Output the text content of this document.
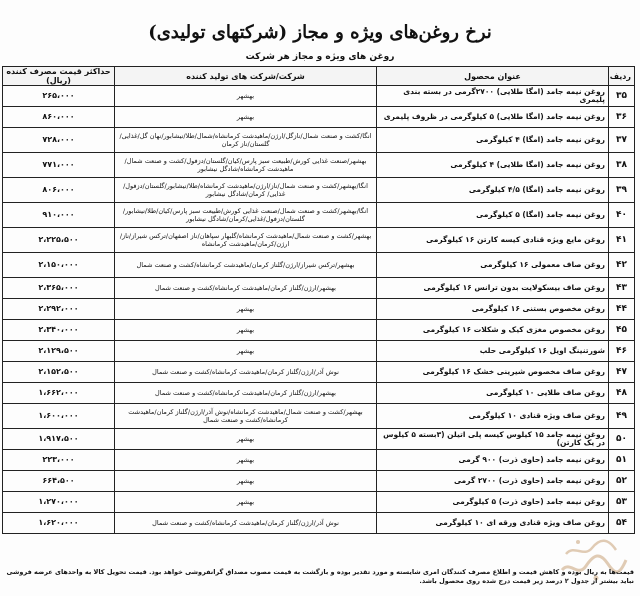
نرخ روغن‌های ویژه و مجاز (شرکتهای تولیدی)
روغن های ویژه و مجاز هر شرکت
ردیف	عنوان محصول	شرکت/شرکت های تولید کننده	حداکثر قیمت مصرف کننده (ریال)
۳۵	روغن نیمه جامد (امگا طلایی) ۲۷۰۰گرمی در بسته بندی پلیمری	بهشهر	۲۶۵،۰۰۰
۳۶	روغن نیمه جامد (امگا طلایی) ۵ کیلوگرمی در ظروف پلیمری	بهشهر	۸۶۰،۰۰۰
۳۷	روغن نیمه جامد (امگا) ۴ کیلوگرمی	انگا/کشت و صنعت شمال/نازگل/ارژن/ماهیدشت کرمانشاه/شمال/طلا/نیشابور/نهان گل/غذایی/ گلستان/ناز کرمان	۷۲۸،۰۰۰
۳۸	روغن نیمه جامد (امگا طلایی) ۴ کیلوگرمی	بهشهر/صنعت غذایی کورش/طبیعت سبز پارس/کیان/گلستان/دزفول/کشت و صنعت شمال/ماهیدشت کرمانشاه/شادگل نیشابور	۷۷۱،۰۰۰
۳۹	روغن نیمه جامد (امگا) ۴/۵ کیلوگرمی	انگا/بهشهر/کشت و صنعت شمال/ناز/ارژن/ماهیدشت کرمانشاه/طلا/نیشابور/گلستان/دزفول/غذایی/ کرمان/شادگل نیشابور	۸۰۶،۰۰۰
۴۰	روغن نیمه جامد (امگا) ۵ کیلوگرمی	انگا/بهشهر/کشت و صنعت شمال/صنعت غذایی کورش/طبیعت سبز پارس/کیان/طلا/نیشابور/گلستان/دزفول/غذایی/کرمان/شادگل نیشابور	۹۱۰،۰۰۰
۴۱	روغن مایع ویژه قنادی کیسه کارتن ۱۶ کیلوگرمی	بهشهر/کشت و صنعت شمال/ماهیدشت کرمانشاه/گلبهار سپاهان/ناز اصفهان/ترکس شیراز/ناز/ارژن/کرمان/ماهیدشت کرمانشاه	۲،۲۲۵،۵۰۰
۴۲	روغن صاف معمولی ۱۶ کیلوگرمی	بهشهر/ترکس شیراز/ارژن/گلناز کرمان/ماهیدشت کرمانشاه/کشت و صنعت شمال	۲،۱۵۰،۰۰۰
۴۳	روغن صاف بیسکولایت بدون ترانس ۱۶ کیلوگرمی	بهشهر/ارژن/گلناز کرمان/ماهیدشت کرمانشاه/کشت و صنعت شمال	۲،۳۶۵،۰۰۰
۴۴	روغن مخصوص بستنی ۱۶ کیلوگرمی	بهشهر	۲،۲۹۲،۰۰۰
۴۵	روغن مخصوص مغزی کیک و شکلات ۱۶ کیلوگرمی	بهشهر	۲،۳۴۰،۰۰۰
۴۶	شورتنینگ اویل ۱۶ کیلوگرمی حلب	بهشهر	۲،۱۲۹،۵۰۰
۴۷	روغن صاف مخصوص شیرینی خشک ۱۶ کیلوگرمی	نوش آذر/ارژن/گلناز کرمان/ماهیدشت کرمانشاه/کشت و صنعت شمال	۲،۱۵۲،۵۰۰
۴۸	روغن صاف طلایی ۱۰ کیلوگرمی	بهشهر/ارژن/گلناز کرمان/ماهیدشت کرمانشاه/کشت و صنعت شمال	۱،۶۶۲،۰۰۰
۴۹	روغن صاف ویژه قنادی ۱۰ کیلوگرمی	بهشهر/کشت و صنعت شمال/ماهیدشت کرمانشاه/نوش آذر/ارژن/گلناز کرمان/ماهیدشت کرمانشاه/کشت و صنعت شمال	۱،۶۰۰،۰۰۰
۵۰	روغن نیمه جامد ۱۵ کیلوس کیسه پلی اتیلن (۳بسته ۵ کیلوس در یک کارتن)	بهشهر	۱،۹۱۷،۵۰۰
۵۱	روغن نیمه جامد (حاوی ذرت) ۹۰۰ گرمی	بهشهر	۲۲۳،۰۰۰
۵۲	روغن نیمه جامد (حاوی ذرت) ۲۷۰۰ گرمی	بهشهر	۶۶۴،۵۰۰
۵۳	روغن نیمه جامد (حاوی ذرت) ۵ کیلوگرمی	بهشهر	۱،۲۷۰،۰۰۰
۵۴	روغن صاف ویژه قنادی ورقه ای ۱۰ کیلوگرمی	نوش آذر/ارژن/گلناز کرمان/ماهیدشت کرمانشاه/کشت و صنعت شمال	۱،۶۲۰،۰۰۰
قیمت‌ها به ریال بوده و کاهش قیمت و اطلاع مصرف کنندگان امری شایسته و مورد تقدیر بوده و بازگشت به قیمت مصوب مصداق گرانفروشی خواهد بود. قیمت تحویل کالا به واحدهای عرضه فروشی نباید بیشتر از جدول ۲ درصد زیر قیمت درج شده روی محصول باشد.
